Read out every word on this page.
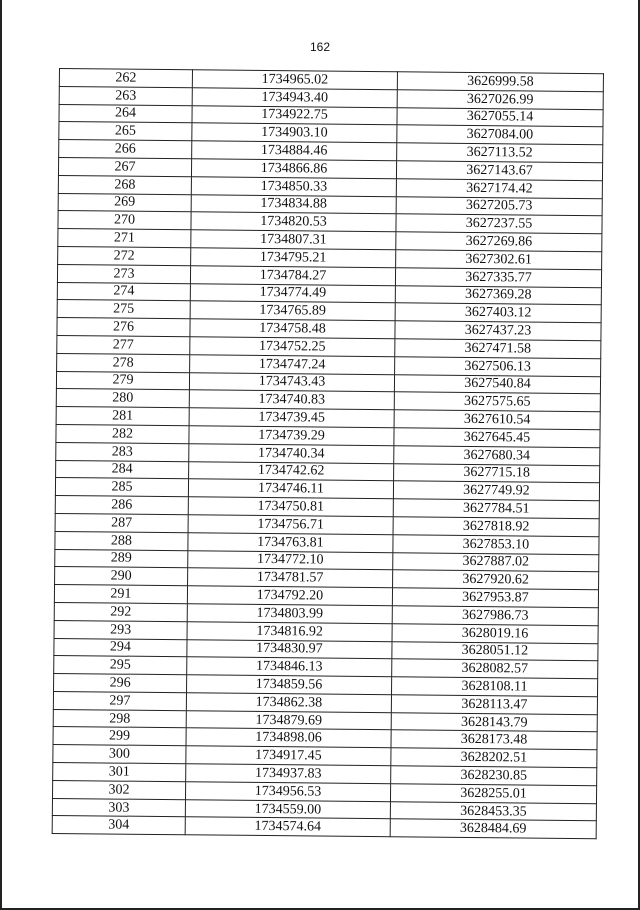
162
262	1734965.02	3626999.58
263	1734943.40	3627026.99
264	1734922.75	3627055.14
265	1734903.10	3627084.00
266	1734884.46	3627113.52
267	1734866.86	3627143.67
268	1734850.33	3627174.42
269	1734834.88	3627205.73
270	1734820.53	3627237.55
271	1734807.31	3627269.86
272	1734795.21	3627302.61
273	1734784.27	3627335.77
274	1734774.49	3627369.28
275	1734765.89	3627403.12
276	1734758.48	3627437.23
277	1734752.25	3627471.58
278	1734747.24	3627506.13
279	1734743.43	3627540.84
280	1734740.83	3627575.65
281	1734739.45	3627610.54
282	1734739.29	3627645.45
283	1734740.34	3627680.34
284	1734742.62	3627715.18
285	1734746.11	3627749.92
286	1734750.81	3627784.51
287	1734756.71	3627818.92
288	1734763.81	3627853.10
289	1734772.10	3627887.02
290	1734781.57	3627920.62
291	1734792.20	3627953.87
292	1734803.99	3627986.73
293	1734816.92	3628019.16
294	1734830.97	3628051.12
295	1734846.13	3628082.57
296	1734859.56	3628108.11
297	1734862.38	3628113.47
298	1734879.69	3628143.79
299	1734898.06	3628173.48
300	1734917.45	3628202.51
301	1734937.83	3628230.85
302	1734956.53	3628255.01
303	1734559.00	3628453.35
304	1734574.64	3628484.69
